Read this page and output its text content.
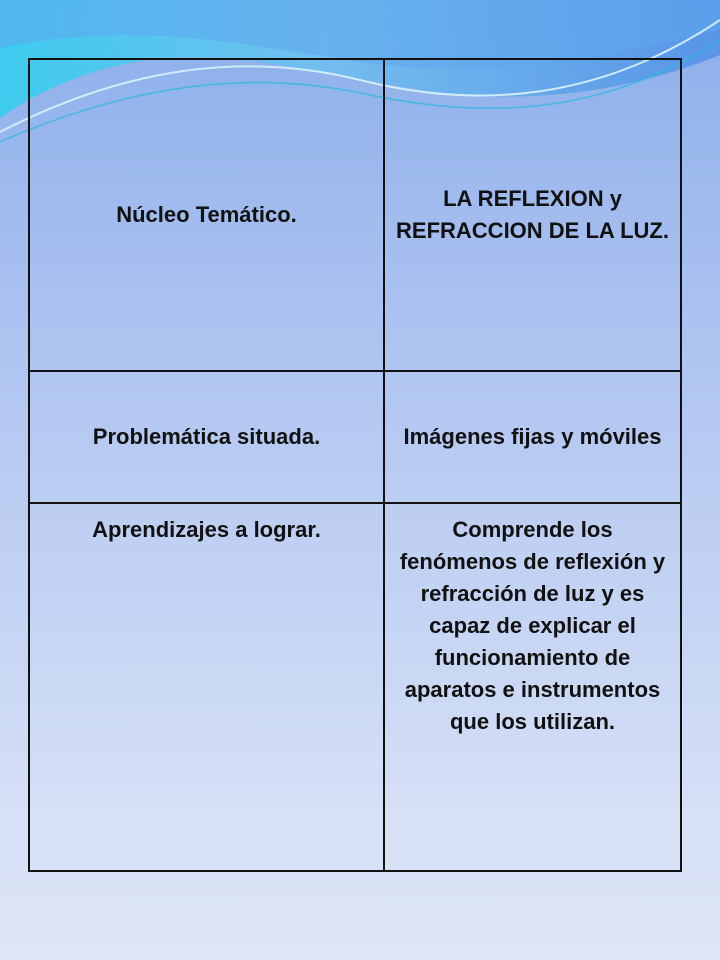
Núcleo Temático.	LA REFLEXION y REFRACCION DE LA LUZ.
Problemática situada.	Imágenes fijas y móviles
Aprendizajes a lograr.	Comprende los fenómenos de reflexión y refracción de luz y es capaz de explicar el funcionamiento de aparatos e instrumentos que los utilizan.
